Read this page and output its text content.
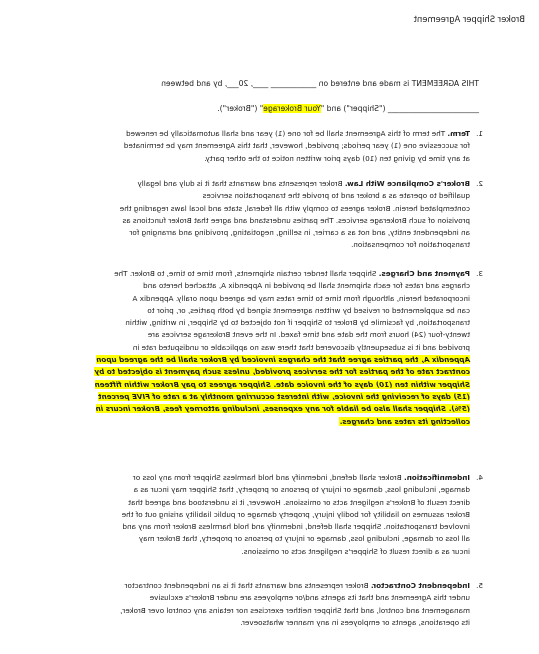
Broker Shipper Agreement
THIS AGREEMENT is made and entered on ____________ ____, 20___, by and between
________________________ ("Shipper") and "Your Brokerage" ("Broker").
1.
Term. The term of this Agreement shall be for one (1) year and shall automatically be renewed
for successive one (1) year periods; provided, however, that this Agreement may be terminated
at any time by giving ten (10) days prior written notice to the other party.
2.
Broker's Compliance With Law. Broker represents and warrants that it is duly and legally
qualified to operate as a broker and to provide the transportation services
contemplated herein. Broker agrees to comply with all federal, state and local laws regarding the
provision of such Brokerage services. The parties understand and agree that Broker functions as
an independent entity, and not as a carrier, in selling, negotiating, providing and arranging for
transportation for compensation.
3.
Payment and Charges. Shipper shall tender certain shipments, from time to time, to Broker. The
charges and rates for each shipment shall be provided in Appendix A, attached hereto and
incorporated herein, although from time to time rates may be agreed upon orally. Appendix A
can be supplemented or revised by written agreement signed by both parties, or, prior to
transportation, by facsimile by Broker to Shipper if not objected to by Shipper, in writing, within
twenty-four (24) hours from the date and time faxed. In the event Brokerage services are
provided and it is subsequently discovered that there was no applicable or undisputed rate in
Appendix A, the parties agree that the charges invoiced by Broker shall be the agreed upon
contract rate of the parties for the services provided, unless such payment is objected to by
Shipper within ten (10) days of the invoice date. Shipper agrees to pay Broker within fifteen
(15) days of receiving the invoice, with interest occurring monthly at a rate of FIVE percent
(5%). Shipper shall also be liable for any expenses, including attorney fees, Broker incurs in
collecting its rates and charges.
4.
Indemnification. Broker shall defend, indemnify and hold harmless Shipper from any loss or
damage, including loss, damage or injury to persons or property, that Shipper may incur as a
direct result of Broker's negligent acts or omissions. However, it is understood and agreed that
Broker assumes no liability for bodily injury, property damage or public liability arising out of the
involved transportation. Shipper shall defend, indemnify and hold harmless Broker from any and
all loss or damage, including loss, damage or injury to persons or property, that Broker may
incur as a direct result of Shipper's negligent acts or omissions.
5.
Independent Contractor. Broker represents and warrants that it is an independent contractor
under this Agreement and that its agents and/or employees are under Broker's exclusive
management and control, and that Shipper neither exercises nor retains any control over Broker,
its operations, agents or employees in any manner whatsoever.
